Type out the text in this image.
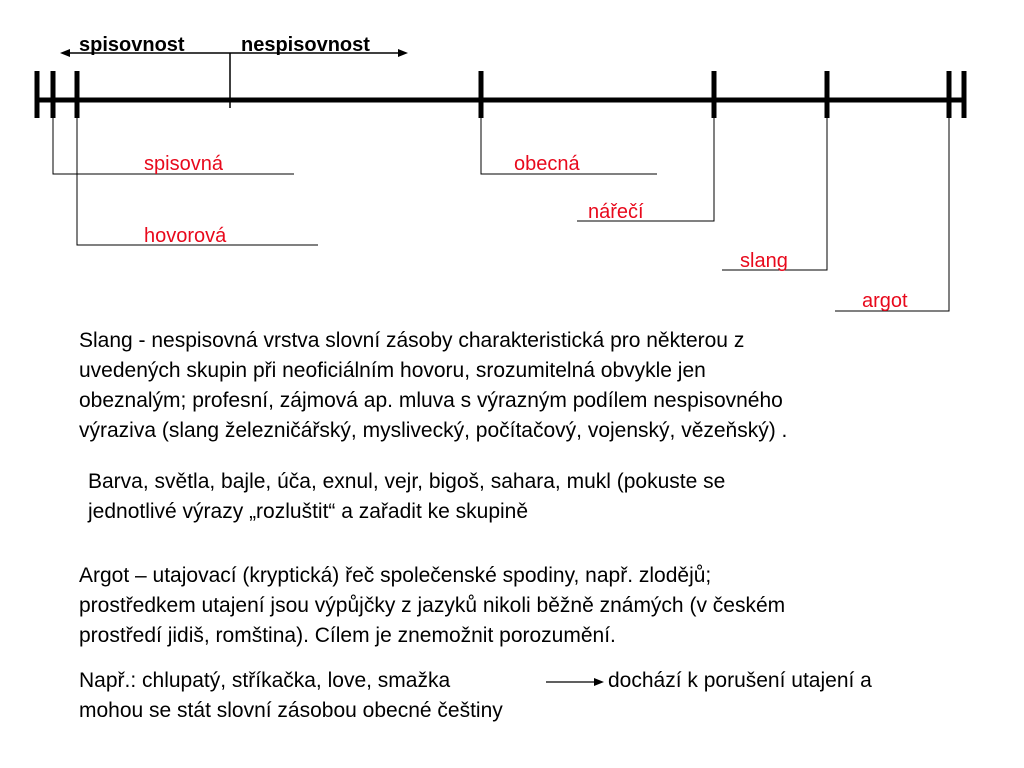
spisovnost	nespisovnost
spisovná
hovorová
obecná
nářečí
slang
argot

Slang - nespisovná vrstva slovní zásoby charakteristická pro některou z
uvedených skupin při neoficiálním hovoru, srozumitelná obvykle jen
obeznalým; profesní, zájmová ap. mluva s výrazným podílem nespisovného
výraziva (slang železničářský, myslivecký, počítačový, vojenský, vězeňský) .

Barva, světla, bajle, úča, exnul, vejr, bigoš, sahara, mukl (pokuste se
jednotlivé výrazy „rozluštit“ a zařadit ke skupině

Argot – utajovací (kryptická) řeč společenské spodiny, např. zlodějů;
prostředkem utajení jsou výpůjčky z jazyků nikoli běžně známých (v českém
prostředí jidiš, romština). Cílem je znemožnit porozumění.

Např.: chlupatý, stříkačka, love, smažka	dochází k porušení utajení a

mohou se stát slovní zásobou obecné češtiny
